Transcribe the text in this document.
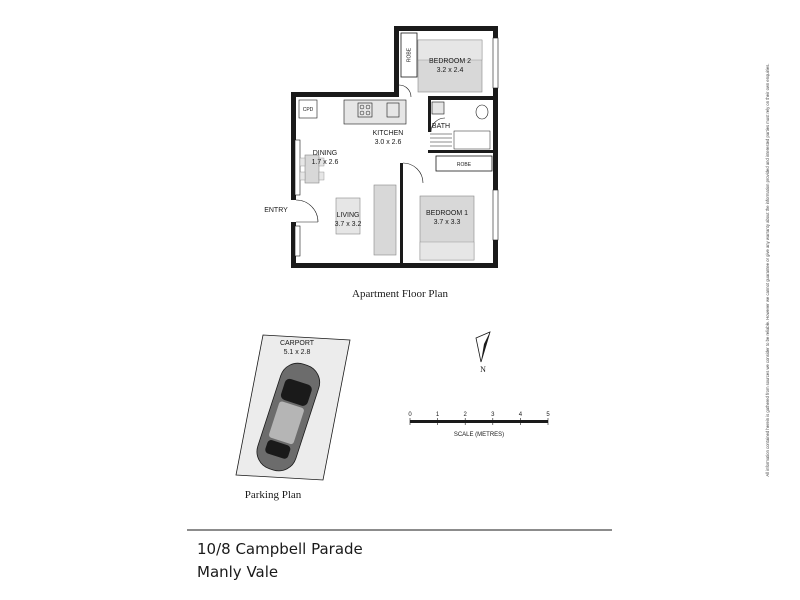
BEDROOM 2
3.2 x 2.4
KITCHEN
3.0 x 2.6
DINING
1.7 x 2.6
LIVING
3.7 x 3.2
BEDROOM 1
3.7 x 3.3
ROBE
ROBE
BATH
CPD
ENTRY
Apartment Floor Plan
CARPORT
5.1 x 2.8
Parking Plan
N
0	1	2	3	4	5
SCALE (METRES)	All information contained herein is gathered from sources we consider to be reliable. However we cannot guarantee or give any warranty about the information provided and interested parties must rely on their own enquiries.
10/8 Campbell Parade
Manly Vale
